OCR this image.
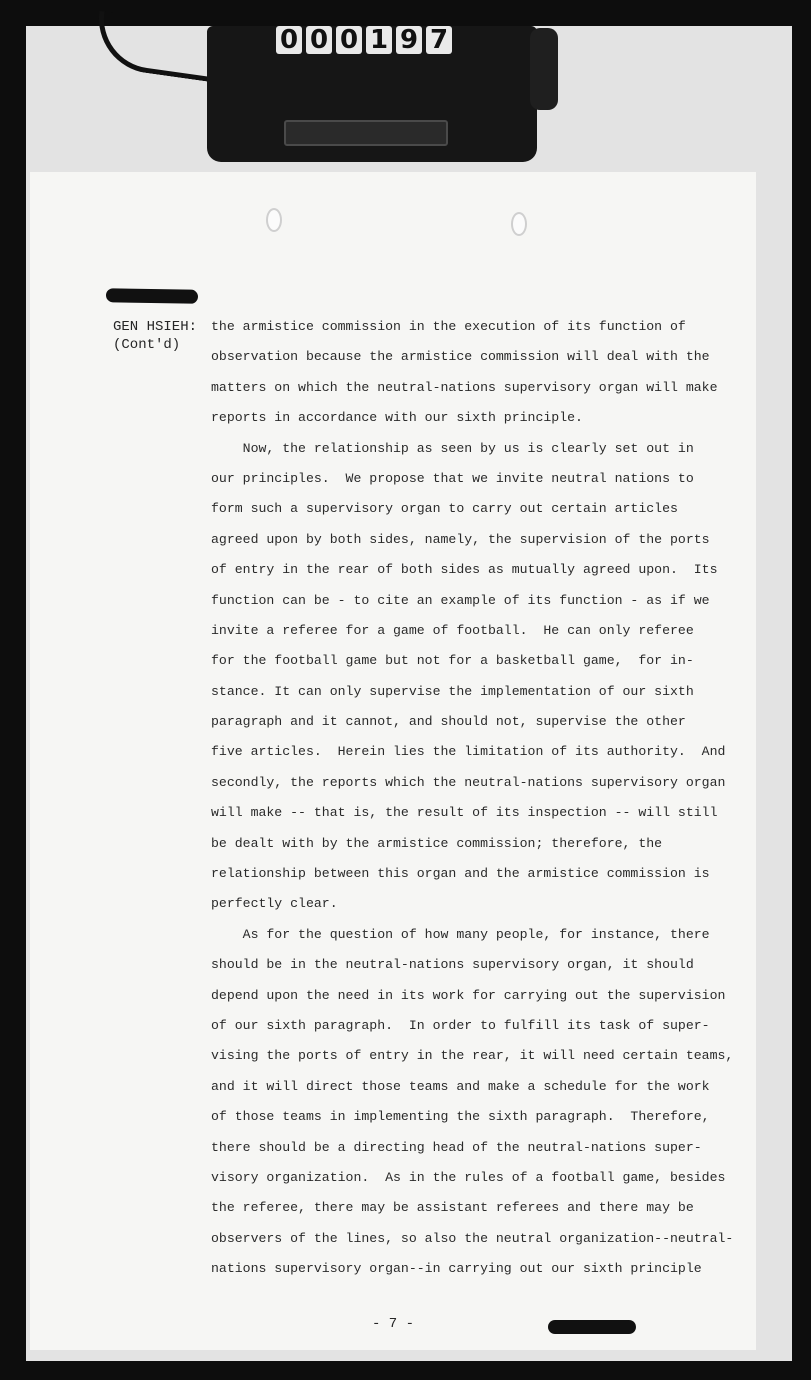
0 0 0 1 9 7
GEN HSIEH:
(Cont'd)
the armistice commission in the execution of its function of
observation because the armistice commission will deal with the
matters on which the neutral-nations supervisory organ will make
reports in accordance with our sixth principle.
Now, the relationship as seen by us is clearly set out in
our principles.  We propose that we invite neutral nations to
form such a supervisory organ to carry out certain articles
agreed upon by both sides, namely, the supervision of the ports
of entry in the rear of both sides as mutually agreed upon.  Its
function can be - to cite an example of its function - as if we
invite a referee for a game of football.  He can only referee
for the football game but not for a basketball game,  for in-
stance. It can only supervise the implementation of our sixth
paragraph and it cannot, and should not, supervise the other
five articles.  Herein lies the limitation of its authority.  And
secondly, the reports which the neutral-nations supervisory organ
will make -- that is, the result of its inspection -- will still
be dealt with by the armistice commission; therefore, the
relationship between this organ and the armistice commission is
perfectly clear.
As for the question of how many people, for instance, there
should be in the neutral-nations supervisory organ, it should
depend upon the need in its work for carrying out the supervision
of our sixth paragraph.  In order to fulfill its task of super-
vising the ports of entry in the rear, it will need certain teams,
and it will direct those teams and make a schedule for the work
of those teams in implementing the sixth paragraph.  Therefore,
there should be a directing head of the neutral-nations super-
visory organization.  As in the rules of a football game, besides
the referee, there may be assistant referees and there may be
observers of the lines, so also the neutral organization--neutral-
nations supervisory organ--in carrying out our sixth principle
- 7 -
